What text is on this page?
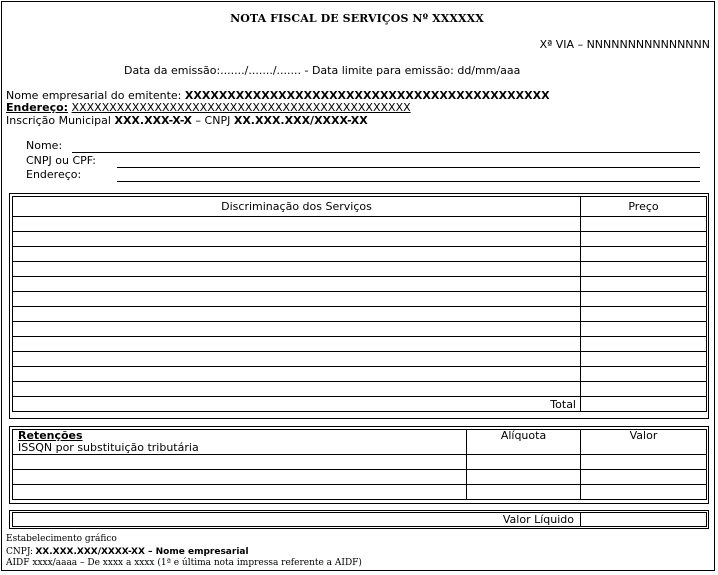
NOTA FISCAL DE SERVIÇOS Nº XXXXXX
Xª VIA – NNNNNNNNNNNNNNN
Data da emissão:......./......./....... - Data limite para emissão: dd/mm/aaa
Nome empresarial do emitente: XXXXXXXXXXXXXXXXXXXXXXXXXXXXXXXXXXXXXXXXXXX
Endereço: XXXXXXXXXXXXXXXXXXXXXXXXXXXXXXXXXXXXXXXXXXXXX
Inscrição Municipal XXX.XXX-X-X – CNPJ XX.XXX.XXX/XXXX-XX
Nome:
CNPJ ou CPF:
Endereço:
Discriminação dos Serviços	Preço

Total	
Retenções
ISSQN por substituição tributária	Alíquota	Valor

Valor Líquido	
Estabelecimento gráfico
CNPJ: XX.XXX.XXX/XXXX-XX – Nome empresarial
AIDF xxxx/aaaa – De xxxx a xxxx (1ª e última nota impressa referente a AIDF)
